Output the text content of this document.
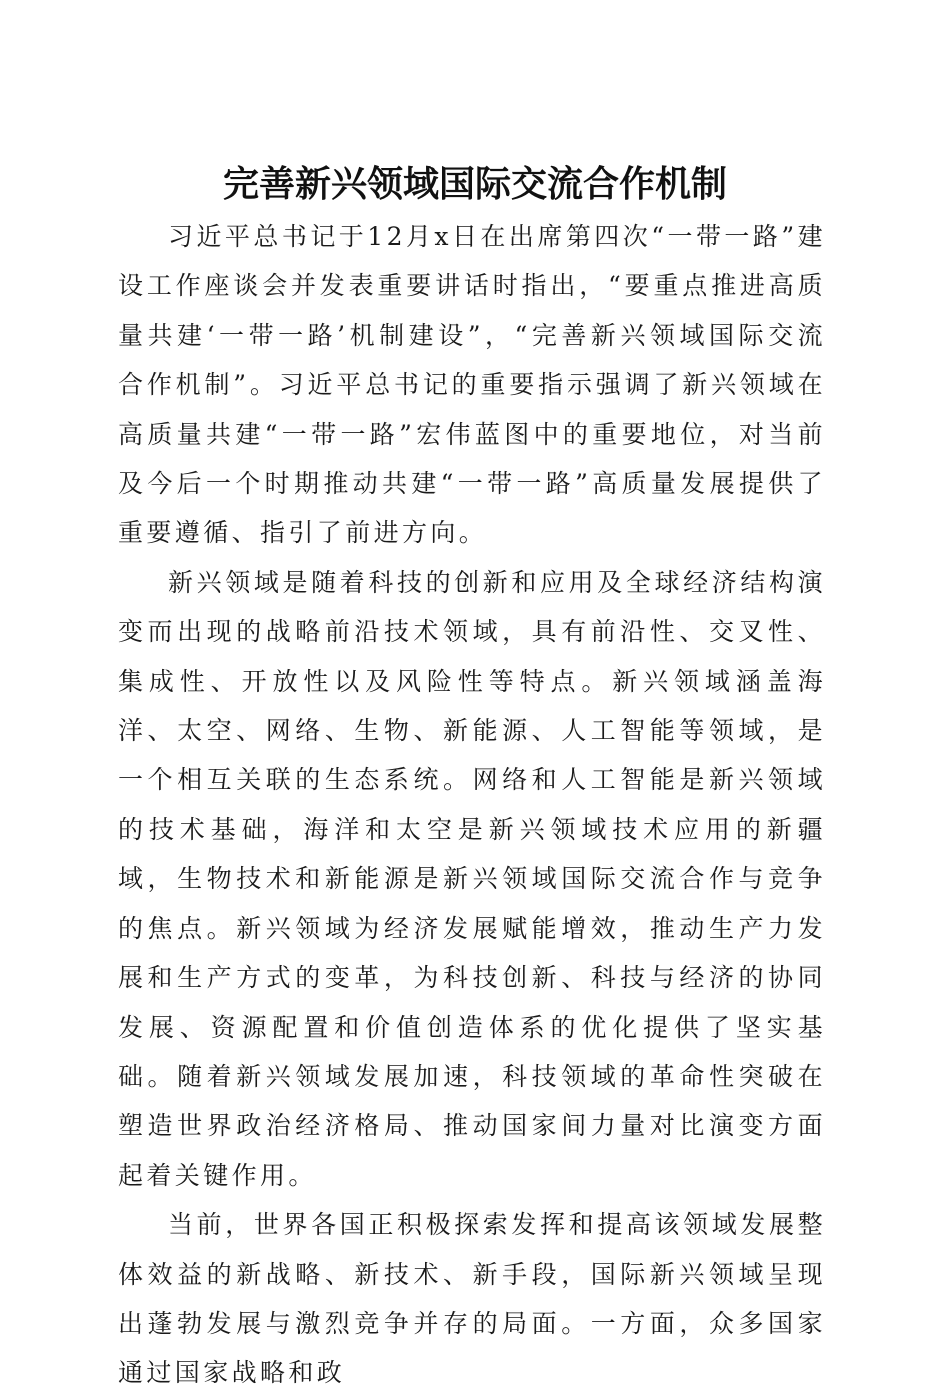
完善新兴领域国际交流合作机制

习近平总书记于12月x日在出席第四次“一带一路”建设工作座谈会并发表重要讲话时指出，“要重点推进高质量共建‘一带一路’机制建设”，“完善新兴领域国际交流合作机制”。习近平总书记的重要指示强调了新兴领域在高质量共建“一带一路”宏伟蓝图中的重要地位，对当前及今后一个时期推动共建“一带一路”高质量发展提供了重要遵循、指引了前进方向。

新兴领域是随着科技的创新和应用及全球经济结构演变而出现的战略前沿技术领域，具有前沿性、交叉性、集成性、开放性以及风险性等特点。新兴领域涵盖海洋、太空、网络、生物、新能源、人工智能等领域，是一个相互关联的生态系统。网络和人工智能是新兴领域的技术基础，海洋和太空是新兴领域技术应用的新疆域，生物技术和新能源是新兴领域国际交流合作与竞争的焦点。新兴领域为经济发展赋能增效，推动生产力发展和生产方式的变革，为科技创新、科技与经济的协同发展、资源配置和价值创造体系的优化提供了坚实基础。随着新兴领域发展加速，科技领域的革命性突破在塑造世界政治经济格局、推动国家间力量对比演变方面起着关键作用。

当前，世界各国正积极探索发挥和提高该领域发展整体效益的新战略、新技术、新手段，国际新兴领域呈现出蓬勃发展与激烈竞争并存的局面。一方面，众多国家通过国家战略和政
